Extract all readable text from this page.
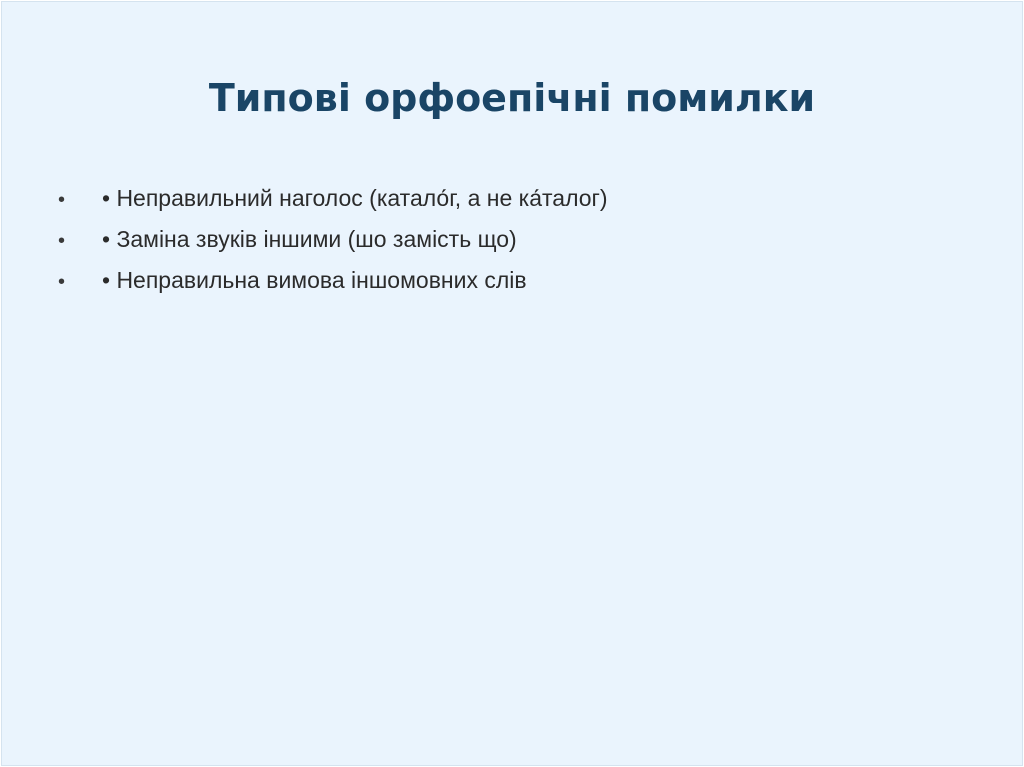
Типові орфоепічні помилки
•	• Неправильний наголос (катало́г, а не ка́талог)
•	• Заміна звуків іншими (шо замість що)
•	• Неправильна вимова іншомовних слів
